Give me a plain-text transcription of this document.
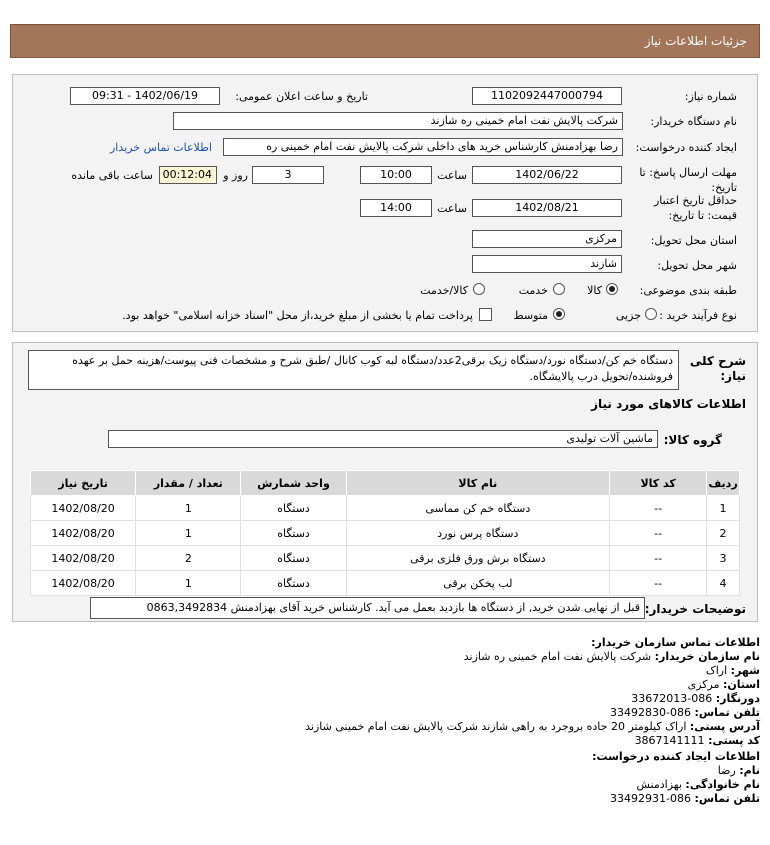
جزئیات اطلاعات نیاز
شماره نیاز:
1102092447000794
تاریخ و ساعت اعلان عمومی:
1402/06/19 - 09:31
نام دستگاه خریدار:
شرکت پالایش نفت امام خمینی ره شازند
ایجاد کننده درخواست:
رضا بهزادمنش کارشناس خرید های داخلی شرکت پالایش نفت امام خمینی ره
اطلاعات تماس خریدار
مهلت ارسال پاسخ: تا تاریخ:
1402/06/22
ساعت
10:00
3
روز و
00:12:04
ساعت باقی مانده
حداقل تاریخ اعتبار قیمت: تا تاریخ:
1402/08/21
ساعت
14:00
استان محل تحویل:
مرکزی
شهر محل تحویل:
شازند
طبقه بندی موضوعی:
کالا
خدمت
کالا/خدمت
نوع فرآیند خرید :
جزیی
متوسط
پرداخت تمام یا بخشی از مبلغ خرید،از محل "اسناد خزانه اسلامی" خواهد بود.
شرح کلی نیاز:
دستگاه خم کن/دستگاه نورد/دستگاه زیک برقی2عدد/دستگاه لبه کوب کانال /طبق شرح و مشخصات فنی پیوست/هزینه حمل بر عهده فروشنده/تحویل درب پالایشگاه.
اطلاعات کالاهای مورد نیاز
گروه کالا:
ماشین آلات تولیدی
ردیف	کد کالا	نام کالا	واحد شمارش	تعداد / مقدار	تاریخ نیاز
1	--	دستگاه خم کن مماسی	دستگاه	1	1402/08/20
2	--	دستگاه پرس نورد	دستگاه	1	1402/08/20
3	--	دستگاه برش ورق فلزی برقی	دستگاه	2	1402/08/20
4	--	لب پخکن برقی	دستگاه	1	1402/08/20
توضیحات خریدار:
قبل از نهایی شدن خرید, از دستگاه ها بازدید بعمل می آید. کارشناس خرید آقای بهزادمنش 0863,3492834
اطلاعات تماس سازمان خریدار:
نام سازمان خریدار: شرکت پالایش نفت امام خمینی ره شازند
شهر: اراک
استان: مرکزی
دورنگار: 086-33672013
تلفن تماس: 086-33492830
آدرس پستی: اراک کیلومتر 20 جاده بروجرد به راهی شازند شرکت پالایش نفت امام خمینی شازند
کد پستی: 3867141111
اطلاعات ایجاد کننده درخواست:
نام: رضا
نام خانوادگی: بهزادمنش
تلفن تماس: 086-33492931
